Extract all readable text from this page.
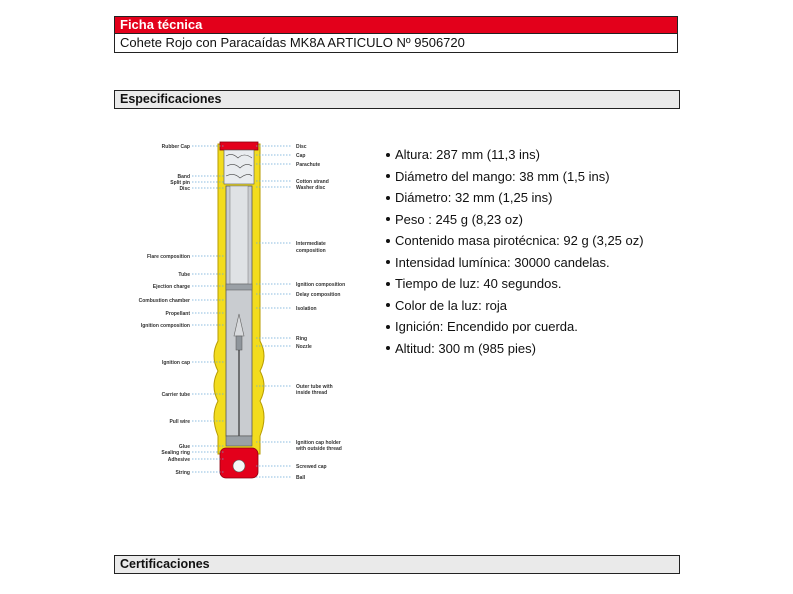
Ficha técnica
Cohete Rojo con Paracaídas MK8A ARTICULO Nº 9506720
Especificaciones
Rubber Cap
Band
Split pin
Disc
Flare composition
Tube
Ejection charge
Combustion chamber
Propellant
Ignition composition
Ignition cap
Carrier tube
Pull wire
Glue
Sealing ring
Adhesive
String
Disc
Cap
Parachute
Cotton strand
Washer disc
Intermediate
composition
Ignition composition
Delay composition
Isolation
Ring
Nozzle
Outer tube with
inside thread
Ignition cap holder
with outside thread
Screwed cap
Ball
Altura: 287 mm (11,3 ins)
Diámetro del mango: 38 mm (1,5 ins)
Diámetro: 32 mm (1,25 ins)
Peso : 245 g (8,23 oz)
Contenido masa pirotécnica: 92 g (3,25 oz)
Intensidad lumínica: 30000 candelas.
Tiempo de luz: 40 segundos.
Color de la luz: roja
Ignición: Encendido por cuerda.
Altitud: 300 m (985 pies)
Certificaciones
